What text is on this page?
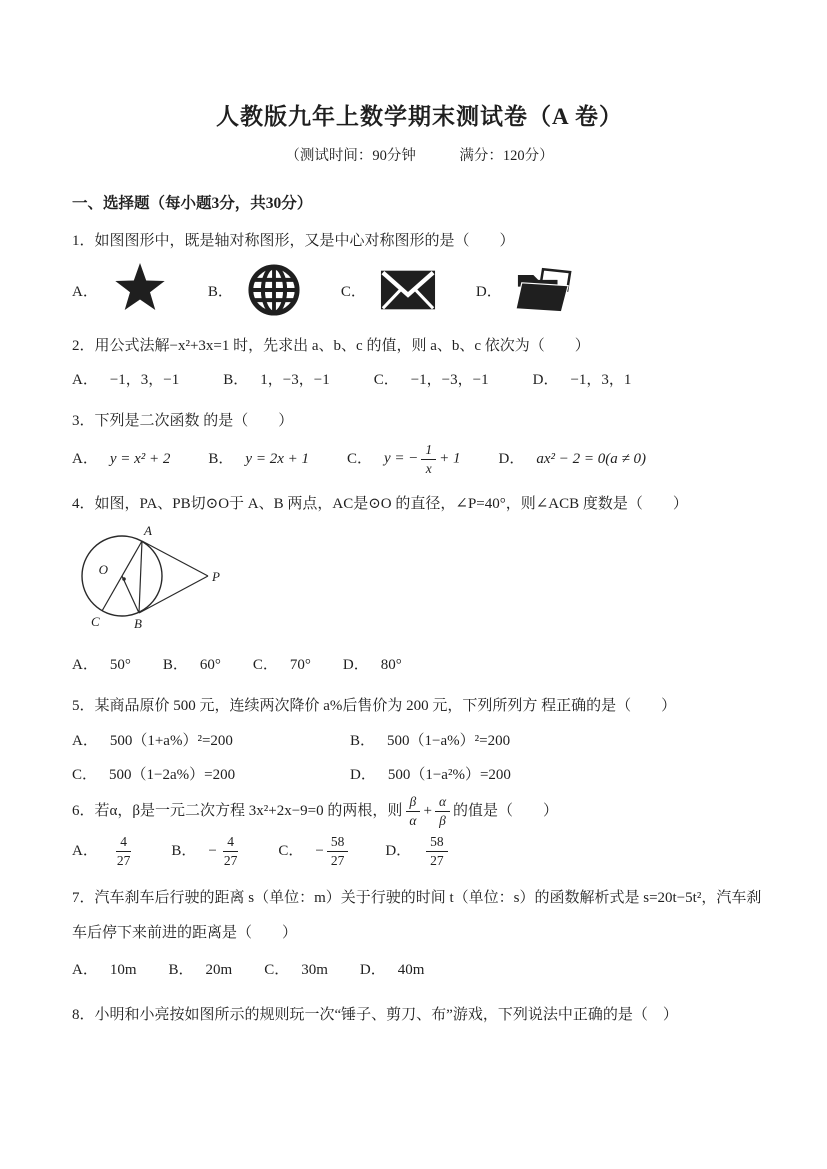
人教版九年上数学期末测试卷（A 卷）
（测试时间：90分钟　　　满分：120分）
一、选择题（每小题3分，共30分）

1．如图图形中，既是轴对称图形，又是中心对称图形的是（　　）

A．	B．	C．	D．

2．用公式法解−x²+3x=1 时，先求出 a、b、c 的值，则 a、b、c 依次为（　　）

A． −1，3，−1	B． 1，−3，−1	C． −1，−3，−1	D． −1，3，1

3．下列是二次函数 的是（　　）

A． y = x² + 2	B． y = 2x + 1	C． y = − $\frac{1}{x} + 1$	D． ax² − 2 = 0(a ≠ 0)

4．如图，PA、PB切⊙O于 A、B 两点，AC是⊙O 的直径，∠P=40°，则∠ACB 度数是（　　）

O
A
B
C
P
A． 50° B． 60° C． 70° D． 80°

5．某商品原价 500 元，连续两次降价 a%后售价为 200 元，下列所列方 程正确的是（　　）

A． 500（1+a%）²=200	B． 500（1−a%）²=200
C． 500（1−2a%）=200	D． 500（1−a²%）=200
6．若α，β是一元二次方程 3x²+2x−9=0 的两根，则 $\frac{\beta}{\alpha} + \frac{\alpha}{\beta}$ 的值是（　　）
A． $\frac{4}{27}$ B． − $\frac{4}{27}$ C． − $\frac{58}{27}$ D． $\frac{58}{27}$

7．汽车刹车后行驶的距离 s（单位：m）关于行驶的时间 t（单位：s）的函数解析式是 s=20t−5t²，汽车刹车后停下来前进的距离是（　　）

A． 10m B． 20m C． 30m D． 40m

8．小明和小亮按如图所示的规则玩一次“锤子、剪刀、布”游戏，下列说法中正确的是（　）
